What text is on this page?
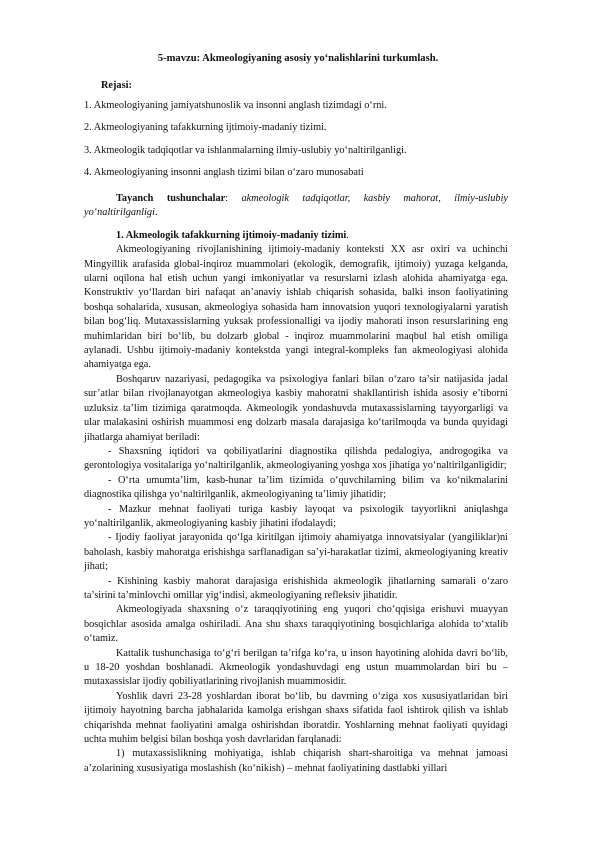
5-mavzu: Akmeologiyaning asosiy yo‘nalishlarini turkumlash.
Rejasi:
1. Akmeologiyaning jamiyatshunoslik va insonni anglash tizimdagi o‘rni.
2. Akmeologiyaning tafakkurning ijtimoiy-madaniy tizimi.
3. Akmeologik tadqiqotlar va ishlanmalarning ilmiy-uslubiy yo‘naltirilganligi.
4. Akmeologiyaning insonni anglash tizimi bilan o‘zaro munosabati

Tayanch tushunchalar: akmeologik tadqiqotlar, kasbiy mahorat, ilmiy-uslubiy yo‘naltirilganligi.

1. Akmeologik tafakkurning ijtimoiy-madaniy tizimi.

Akmeologiyaning rivojlanishining ijtimoiy-madaniy konteksti XX asr oxiri va uchinchi Mingyillik arafasida global-inqiroz muammolari (ekologik, demografik, ijtimoiy) yuzaga kelganda, ularni oqilona hal etish uchun yangi imkoniyatlar va resurslarni izlash alohida ahamiyatga ega. Konstruktiv yo‘llardan biri nafaqat an’anaviy ishlab chiqarish sohasida, balki inson faoliyatining boshqa sohalarida, xususan, akmeologiya sohasida ham innovatsion yuqori texnologiyalarni yaratish bilan bog‘liq. Mutaxassislarning yuksak professionalligi va ijodiy mahorati inson resurslarining eng muhimlaridan biri bo‘lib, bu dolzarb global - inqiroz muammolarini maqbul hal etish omiliga aylanadi. Ushbu ijtimoiy-madaniy kontekstda yangi integral-kompleks fan akmeologiyasi alohida ahamiyatga ega.

Boshqaruv nazariyasi, pedagogika va psixologiya fanlari bilan o‘zaro ta’sir natijasida jadal sur’atlar bilan rivojlanayotgan akmeologiya kasbiy mahoratni shakllantirish ishida asosiy e’tiborni uzluksiz ta’lim tizimiga qaratmoqda. Akmeologik yondashuvda mutaxassislarning tayyorgarligi va ular malakasini oshirish muammosi eng dolzarb masala darajasiga ko‘tarilmoqda va bunda quyidagi jihatlarga ahamiyat beriladi:

- Shaxsning iqtidori va qobiliyatlarini diagnostika qilishda pedalogiya, androgogika va gerontologiya vositalariga yo‘naltirilganlik, akmeologiyaning yoshga xos jihatiga yo‘naltirilganligidir;

- O‘rta umumta’lim, kasb-hunar ta’lim tizimida o‘quvchilarning bilim va ko‘nikmalarini diagnostika qilishga yo‘naltirilganlik, akmeologiyaning ta’limiy jihatidir;

- Mazkur mehnat faoliyati turiga kasbiy layoqat va psixologik tayyorlikni aniqlashga yo‘naltirilganlik, akmeologiyaning kasbiy jihatini ifodalaydi;

- Ijodiy faoliyat jarayonida qo‘lga kiritilgan ijtimoiy ahamiyatga innovatsiyalar (yangiliklar)ni baholash, kasbiy mahoratga erishishga sarflanadigan sa’yi-harakatlar tizimi, akmeologiyaning kreativ jihati;

- Kishining kasbiy mahorat darajasiga erishishida akmeologik jihatlarning samarali o‘zaro ta’sirini ta’minlovchi omillar yig‘indisi, akmeologiyaning refleksiv jihatidir.

Akmeologiyada shaxsning o‘z taraqqiyotining eng yuqori cho‘qqisiga erishuvi muayyan bosqichlar asosida amalga oshiriladi. Ana shu shaxs taraqqiyotining bosqichlariga alohida to‘xtalib o‘tamiz.

Kattalik tushunchasiga to‘g‘ri berilgan ta’rifga ko‘ra, u inson hayotining alohida davri bo‘lib, u 18-20 yoshdan boshlanadi. Akmeologik yondashuvdagi eng ustun muammolardan biri bu – mutaxassislar ijodiy qobiliyatlarining rivojlanish muammosidir.

Yoshlik davri 23-28 yoshlardan iborat bo‘lib, bu davrning o‘ziga xos xususiyatlaridan biri ijtimoiy hayotning barcha jabhalarida kamolga erishgan shaxs sifatida faol ishtirok qilish va ishlab chiqarishda mehnat faoliyatini amalga oshirishdan iboratdir. Yoshlarning mehnat faoliyati quyidagi uchta muhim belgisi bilan boshqa yosh davrlaridan farqlanadi:

1) mutaxassislikning mohiyatiga, ishlab chiqarish shart-sharoitiga va mehnat jamoasi a’zolarining xususiyatiga moslashish (ko‘nikish) – mehnat faoliyatining dastlabki yillari
